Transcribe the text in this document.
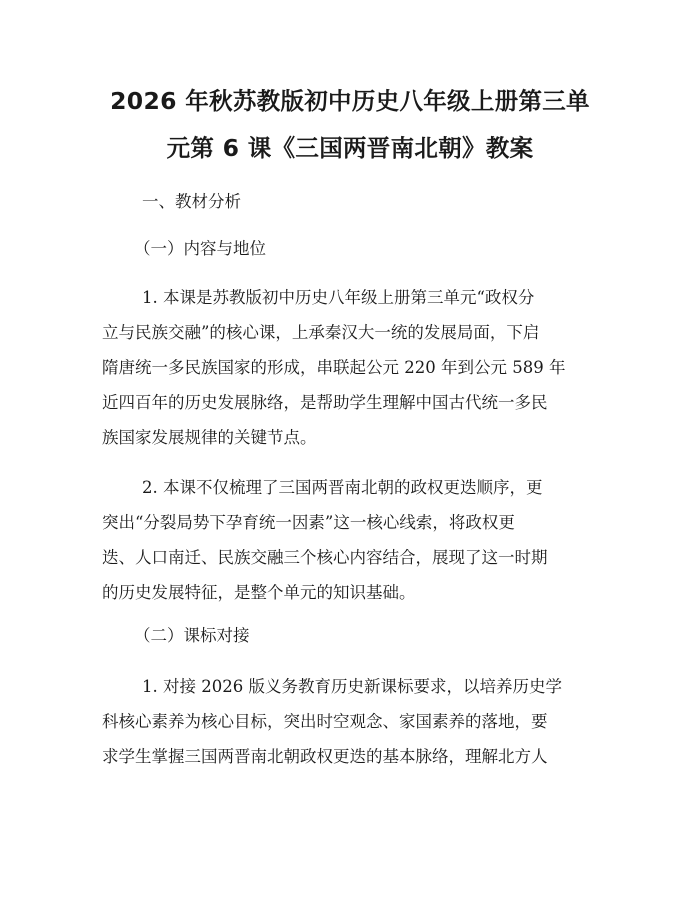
2026 年秋苏教版初中历史八年级上册第三单
元第 6 课《三国两晋南北朝》教案
一、教材分析
（一）内容与地位
1. 本课是苏教版初中历史八年级上册第三单元“政权分
立与民族交融”的核心课，上承秦汉大一统的发展局面，下启
隋唐统一多民族国家的形成，串联起公元 220 年到公元 589 年
近四百年的历史发展脉络，是帮助学生理解中国古代统一多民
族国家发展规律的关键节点。
2. 本课不仅梳理了三国两晋南北朝的政权更迭顺序，更
突出“分裂局势下孕育统一因素”这一核心线索，将政权更
迭、人口南迁、民族交融三个核心内容结合，展现了这一时期
的历史发展特征，是整个单元的知识基础。
（二）课标对接
1. 对接 2026 版义务教育历史新课标要求，以培养历史学
科核心素养为核心目标，突出时空观念、家国素养的落地，要
求学生掌握三国两晋南北朝政权更迭的基本脉络，理解北方人
